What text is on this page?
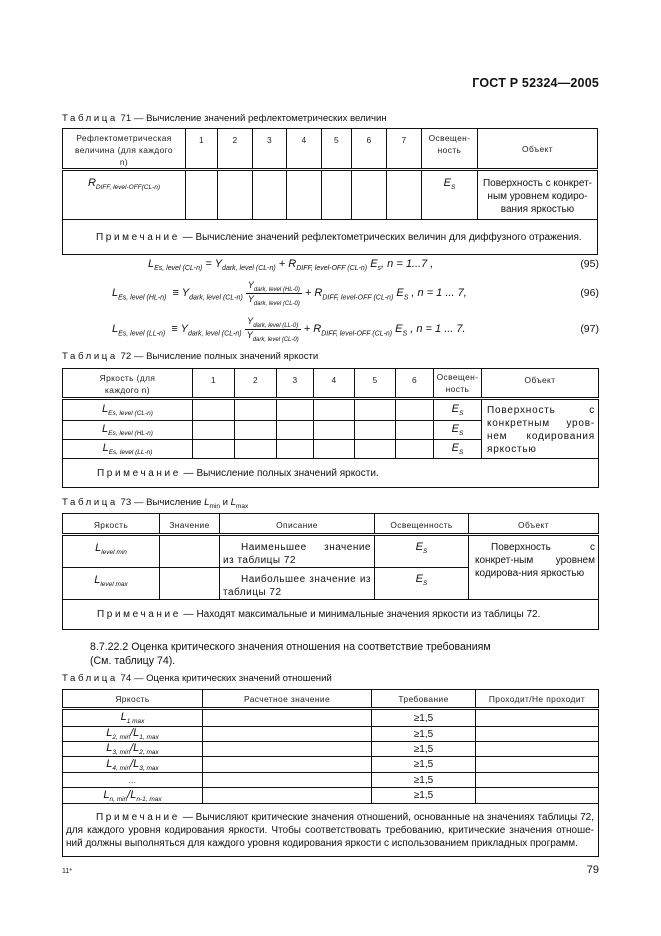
ГОСТ Р 52324—2005
Таблица 71 — Вычисление значений рефлектометрических величин
Рефлектометрическая величина (для каждого n)	1	2	3	4	5	6	7	Освещен-ность	Объект
$R_{DIFF, level-OFF(CL-n)}$								$E_S$	Поверхность с конкрет-ным уровнем кодиро-вания яркостью
Примечание — Вычисление значений рефлектометрических величин для диффузного отражения.									
$L_{Es, level (CL-n)} = Y_{dark, level (CL-n)} + R_{DIFF, level-OFF (CL-n)}$ $E_s$, n = 1...7 ,	(95)
$L_{Es, level (HL-n)} \equiv Y_{dark, level (CL-n)} \frac{Y_{dark, level (HL-0)}}{Y_{dark, level (CL-0)}} + R_{DIFF, level-OFF (CL-n)}$ $E_S$ , n = 1 ... 7,	(96)
$L_{Es, level (LL-n)} \equiv Y_{dark, level (CL-n)} \frac{Y_{dark, level (LL-0)}}{Y_{dark, level (CL-0)}} + R_{DIFF, level-OFF (CL-n)}$ $E_S$ , n = 1 ... 7.	(97)
Таблица 72 — Вычисление полных значений яркости
Яркость (для каждого n)	1	2	3	4	5	6	Освещен-ность	Объект
$L_{Es, level (CL-n)}$							$E_S$	Поверхность с конкретным уров-нем кодирования яркостью
$L_{Es, level (HL-n)}$							$E_S$
$L_{Es, level (LL-n)}$							$E_S$
Примечание — Вычисление полных значений яркости.								
Таблица 73 — Вычисление $L_{min}$ и $L_{max}$
Яркость	Значение	Описание	Освещенность	Объект
$L_{level min}$		Наименьшее значение из таблицы 72	$E_S$	Поверхность с конкрет-ным уровнем кодирова-ния яркостью
$L_{level max}$		Наибольшее значение из таблицы 72	$E_S$
Примечание — Находят максимальные и минимальные значения яркости из таблицы 72.				
8.7.22.2 Оценка критического значения отношения на соответствие требованиям
(См. таблицу 74).
Таблица 74 — Оценка критических значений отношений
Яркость	Расчетное значение	Требование	Проходит/Не проходит
$L_{1 max}$		≥1,5	
$L_{2, min}/L_{1, max}$		≥1,5	
$L_{3, min}/L_{2, max}$		≥1,5	
$L_{4, min}/L_{3, max}$		≥1,5	
…		≥1,5	
$L_{n, min}/L_{n-1, max}$		≥1,5	
Примечание — Вычисляют критические значения отношений, основанные на значениях таблицы 72, для каждого уровня кодирования яркости. Чтобы соответствовать требованию, критические значения отноше-ний должны выполняться для каждого уровня кодирования яркости с использованием прикладных программ.			
11*	79
